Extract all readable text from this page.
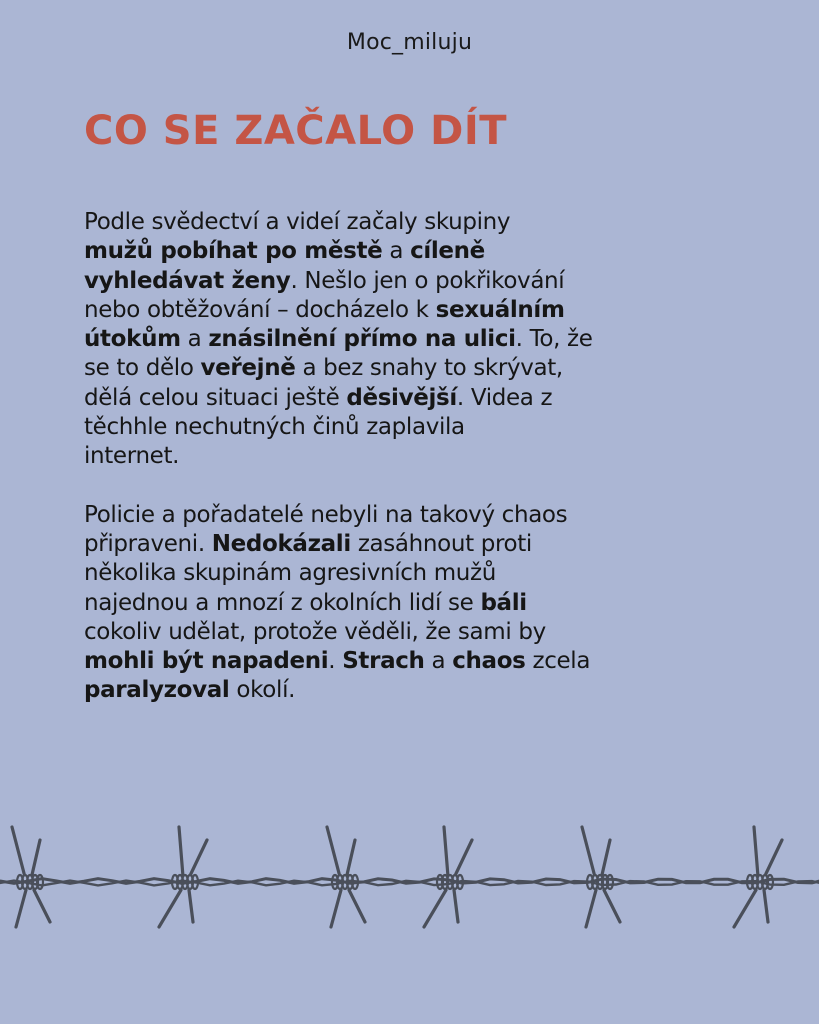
Moc_miluju
CO SE ZAČALO DÍT

Podle svědectví a videí začaly skupiny
mužů pobíhat po městě a cíleně
vyhledávat ženy. Nešlo jen o pokřikování
nebo obtěžování – docházelo k sexuálním
útokům a znásilnění přímo na ulici. To, že
se to dělo veřejně a bez snahy to skrývat,
dělá celou situaci ještě děsivější. Videa z
těchhle nechutných činů zaplavila
internet.

Policie a pořadatelé nebyli na takový chaos
připraveni. Nedokázali zasáhnout proti
několika skupinám agresivních mužů
najednou a mnozí z okolních lidí se báli
cokoliv udělat, protože věděli, že sami by
mohli být napadeni. Strach a chaos zcela
paralyzoval okolí.
